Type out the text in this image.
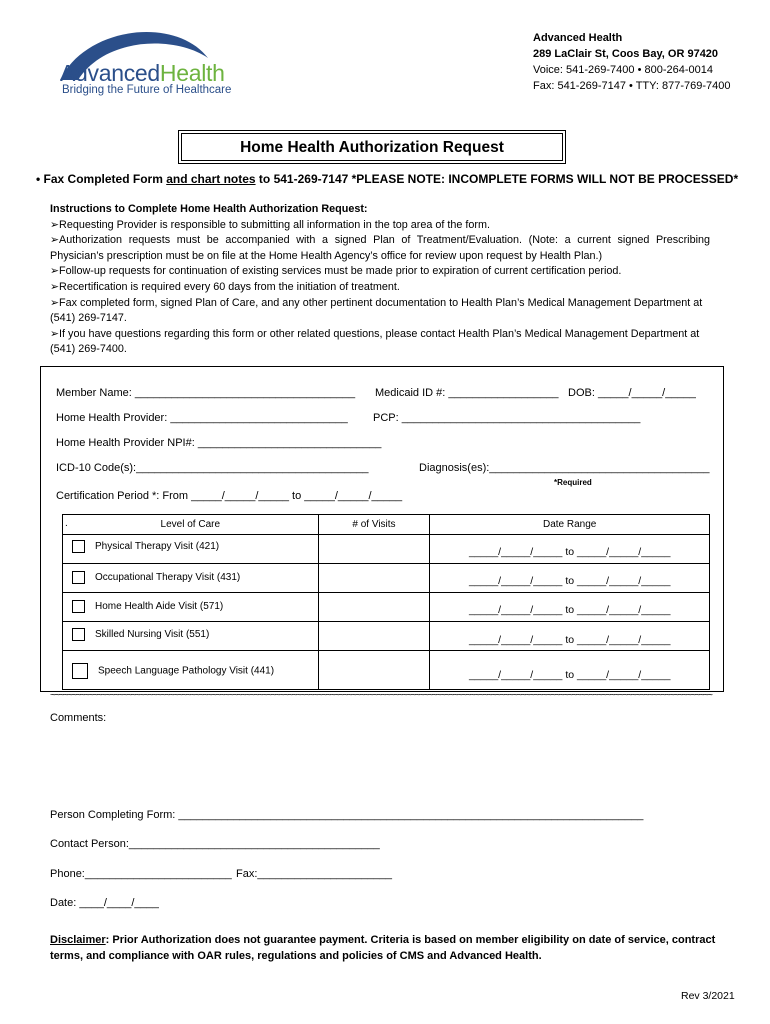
AdvancedHealth
Bridging the Future of Healthcare
Advanced Health
289 LaClair St, Coos Bay, OR 97420
Voice: 541-269-7400 • 800-264-0014
Fax: 541-269-7147 • TTY: 877-769-7400
Home Health Authorization Request
• Fax Completed Form and chart notes to 541-269-7147 *PLEASE NOTE: INCOMPLETE FORMS WILL NOT BE PROCESSED*

Instructions to Complete Home Health Authorization Request:

➢Requesting Provider is responsible to submitting all information in the top area of the form.

➢Authorization requests must be accompanied with a signed Plan of Treatment/Evaluation. (Note: a current signed Prescribing Physician’s prescription must be on file at the Home Health Agency’s office for review upon request by Health Plan.)

➢Follow-up requests for continuation of existing services must be made prior to expiration of current certification period.

➢Recertification is required every 60 days from the initiation of treatment.

➢Fax completed form, signed Plan of Care, and any other pertinent documentation to Health Plan’s Medical Management Department at (541) 269-7147.

➢If you have questions regarding this form or other related questions, please contact Health Plan’s Medical Management Department at (541) 269-7400.

Member Name: ____________________________________ Medicaid ID #: __________________ DOB: _____/_____/_____
Home Health Provider: _____________________________ PCP: _______________________________________
Home Health Provider NPI#: ______________________________
ICD-10 Code(s):______________________________________	Diagnosis(es):____________________________________
*Required
Certification Period *: From _____/_____/_____ to _____/_____/_____
. Level of Care	# of Visits	Date Range

Physical Therapy Visit (421)		_____/_____/_____ to _____/_____/_____

Occupational Therapy Visit (431)		_____/_____/_____ to _____/_____/_____

Home Health Aide Visit (571)		_____/_____/_____ to _____/_____/_____

Skilled Nursing Visit (551)		_____/_____/_____ to _____/_____/_____

Speech Language Pathology Visit (441)		_____/_____/_____ to _____/_____/_____
~~~~~~~~~~~~~~~~~~~~~~~~~~~~~~~~~~~~~~~~~~~~~~~~~~~~~~~~~~~~~~~~~~~~~~~~~~~~~~~~~~~~~~~~~~~~~~~~~~~~~~~~~~~~~~~~~~~~~~~~~~~~~~~~~~~~~~~~~~~~~~~~~~~~~~~~~~~~
Comments:
Person Completing Form: ____________________________________________________________________________
Contact Person:_________________________________________
Phone:________________________ Fax:______________________
Date: ____/____/____
Disclaimer: Prior Authorization does not guarantee payment. Criteria is based on member eligibility on date of service, contract terms, and compliance with OAR rules, regulations and policies of CMS and Advanced Health.
Rev 3/2021
